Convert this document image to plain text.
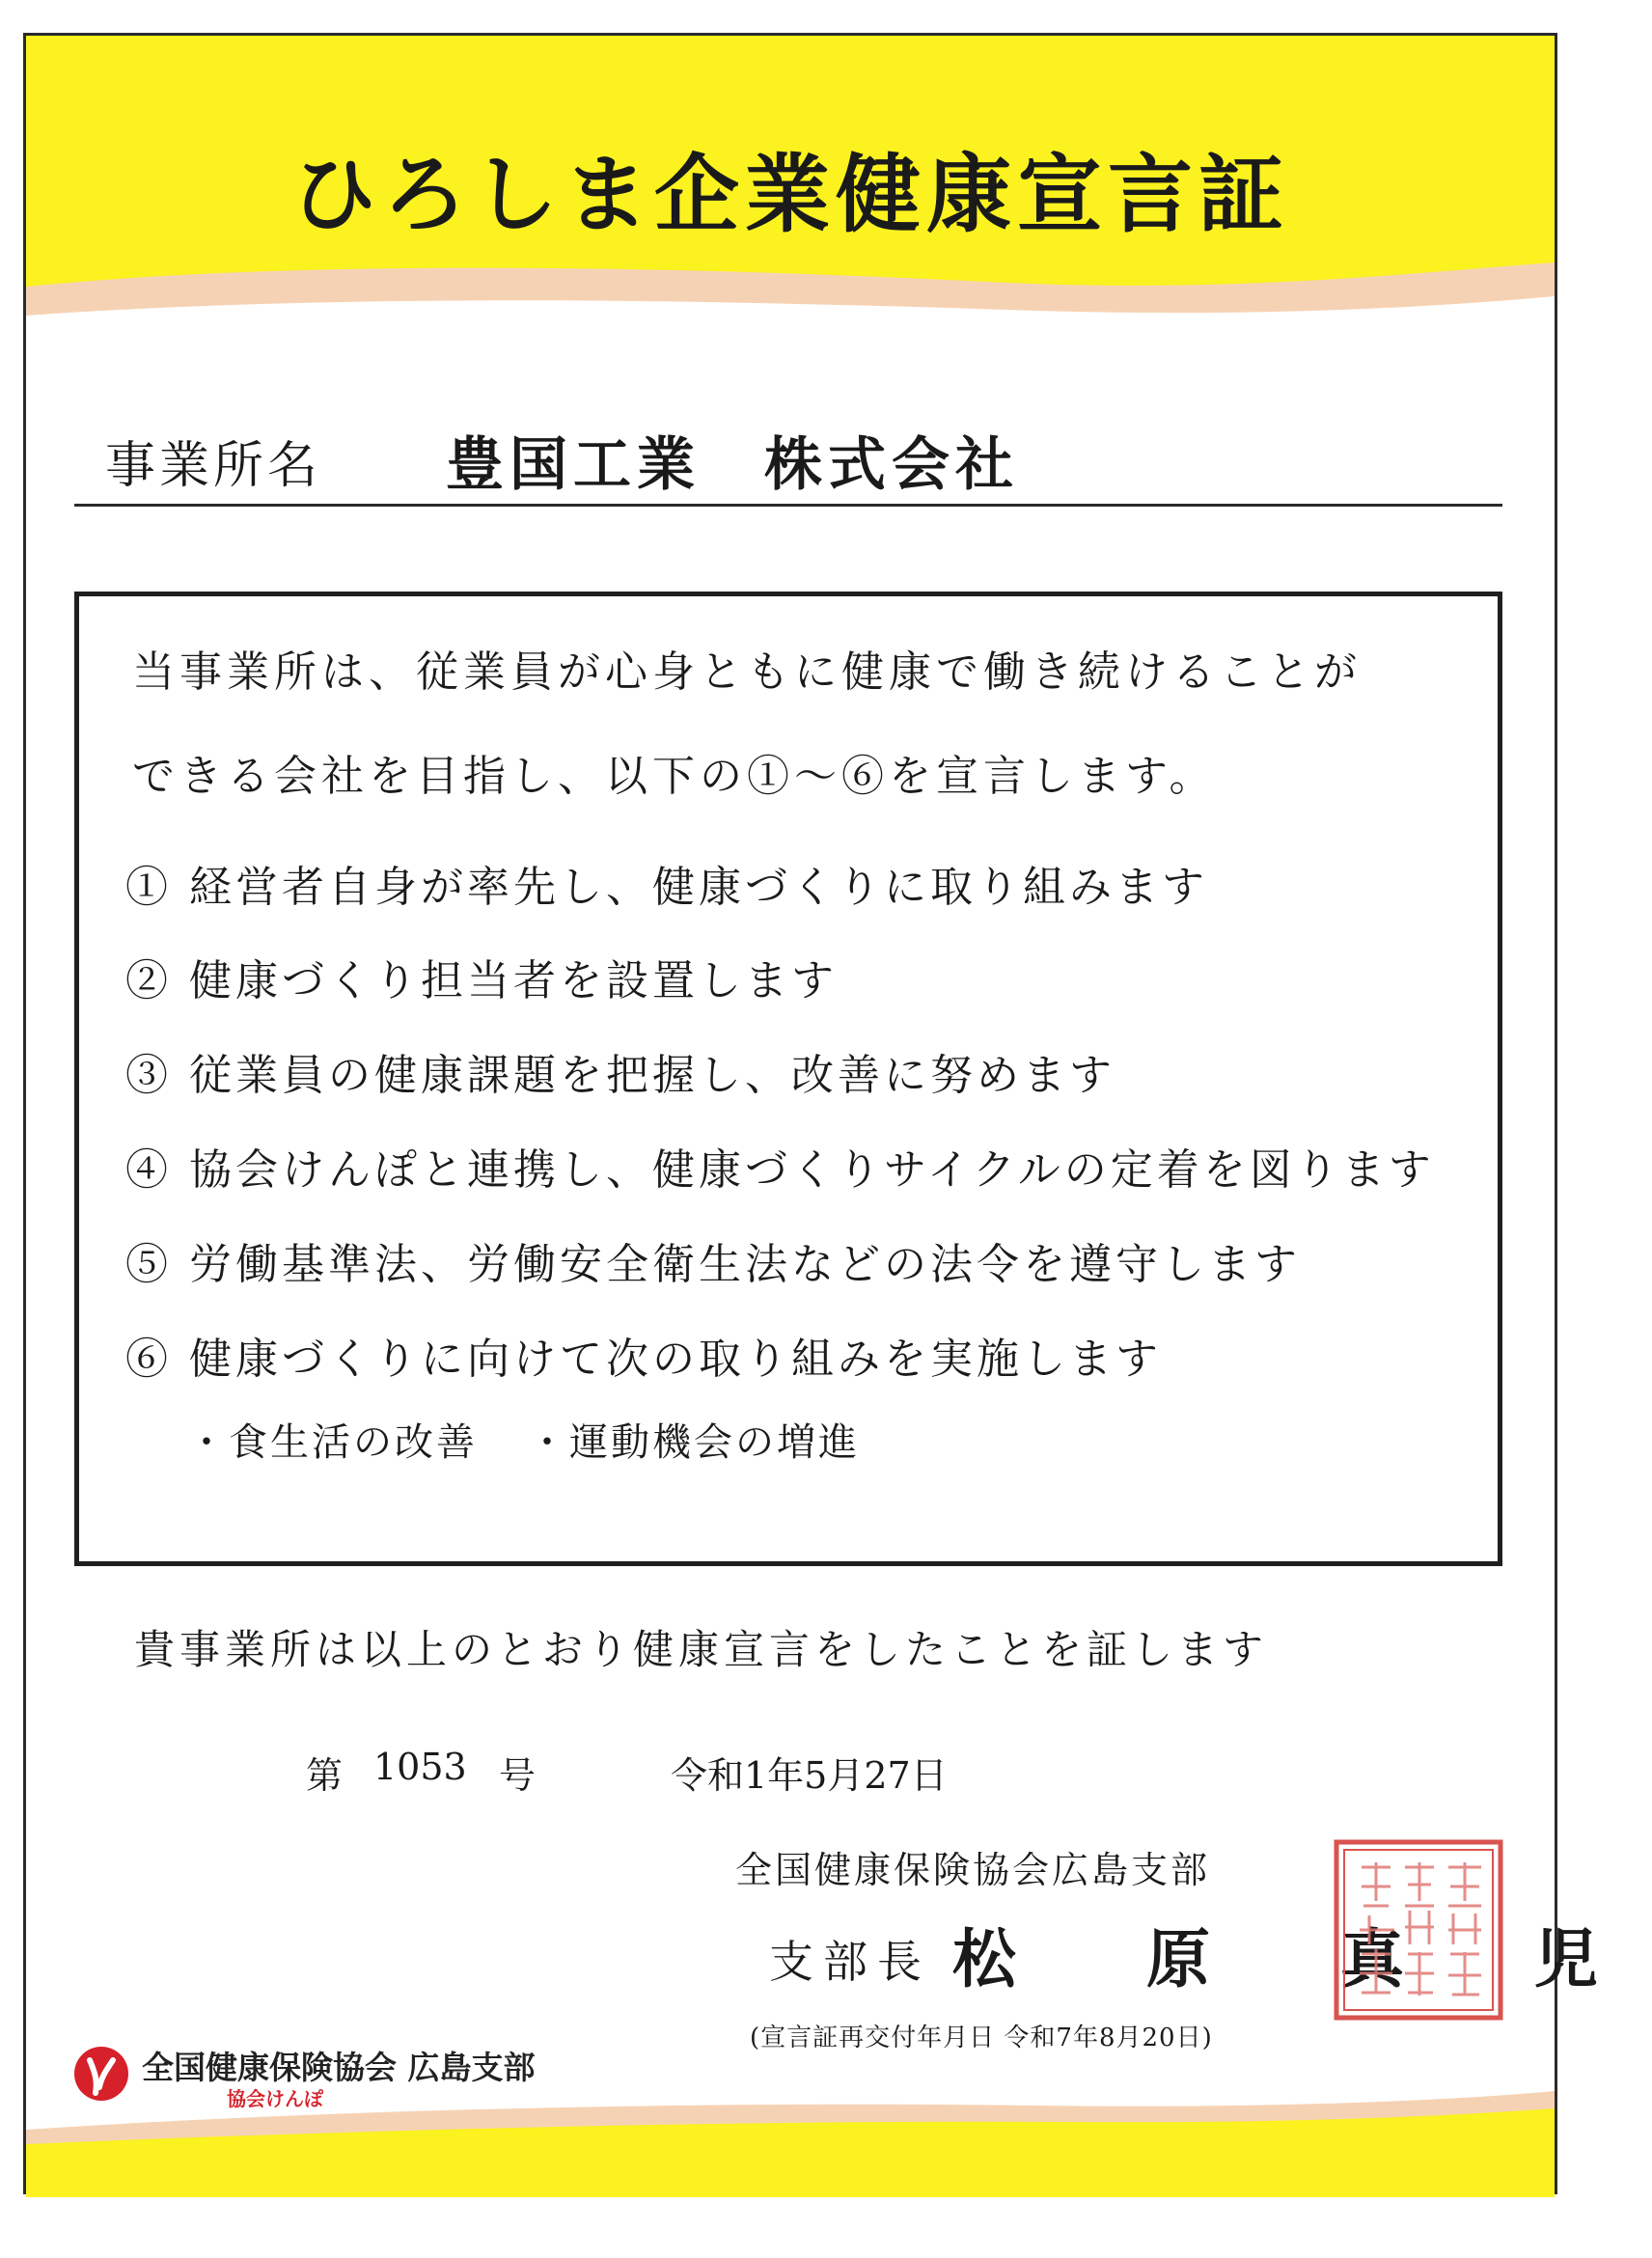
ひろしま企業健康宣言証
事業所名 豊国工業　株式会社
当事業所は、従業員が心身ともに健康で働き続けることが
できる会社を目指し、以下の①～⑥を宣言します。
① 経営者自身が率先し、健康づくりに取り組みます
② 健康づくり担当者を設置します
③ 従業員の健康課題を把握し、改善に努めます
④ 協会けんぽと連携し、健康づくりサイクルの定着を図ります
⑤ 労働基準法、労働安全衛生法などの法令を遵守します
⑥ 健康づくりに向けて次の取り組みを実施します
・食生活の改善 ・運動機会の増進
貴事業所は以上のとおり健康宣言をしたことを証します
第 1053 号	令和1年5月27日
全国健康保険協会広島支部
支部長 松 原 真 児
(宣言証再交付年月日 令和7年8月20日)
全国健康保険協会 広島支部
協会けんぽ
